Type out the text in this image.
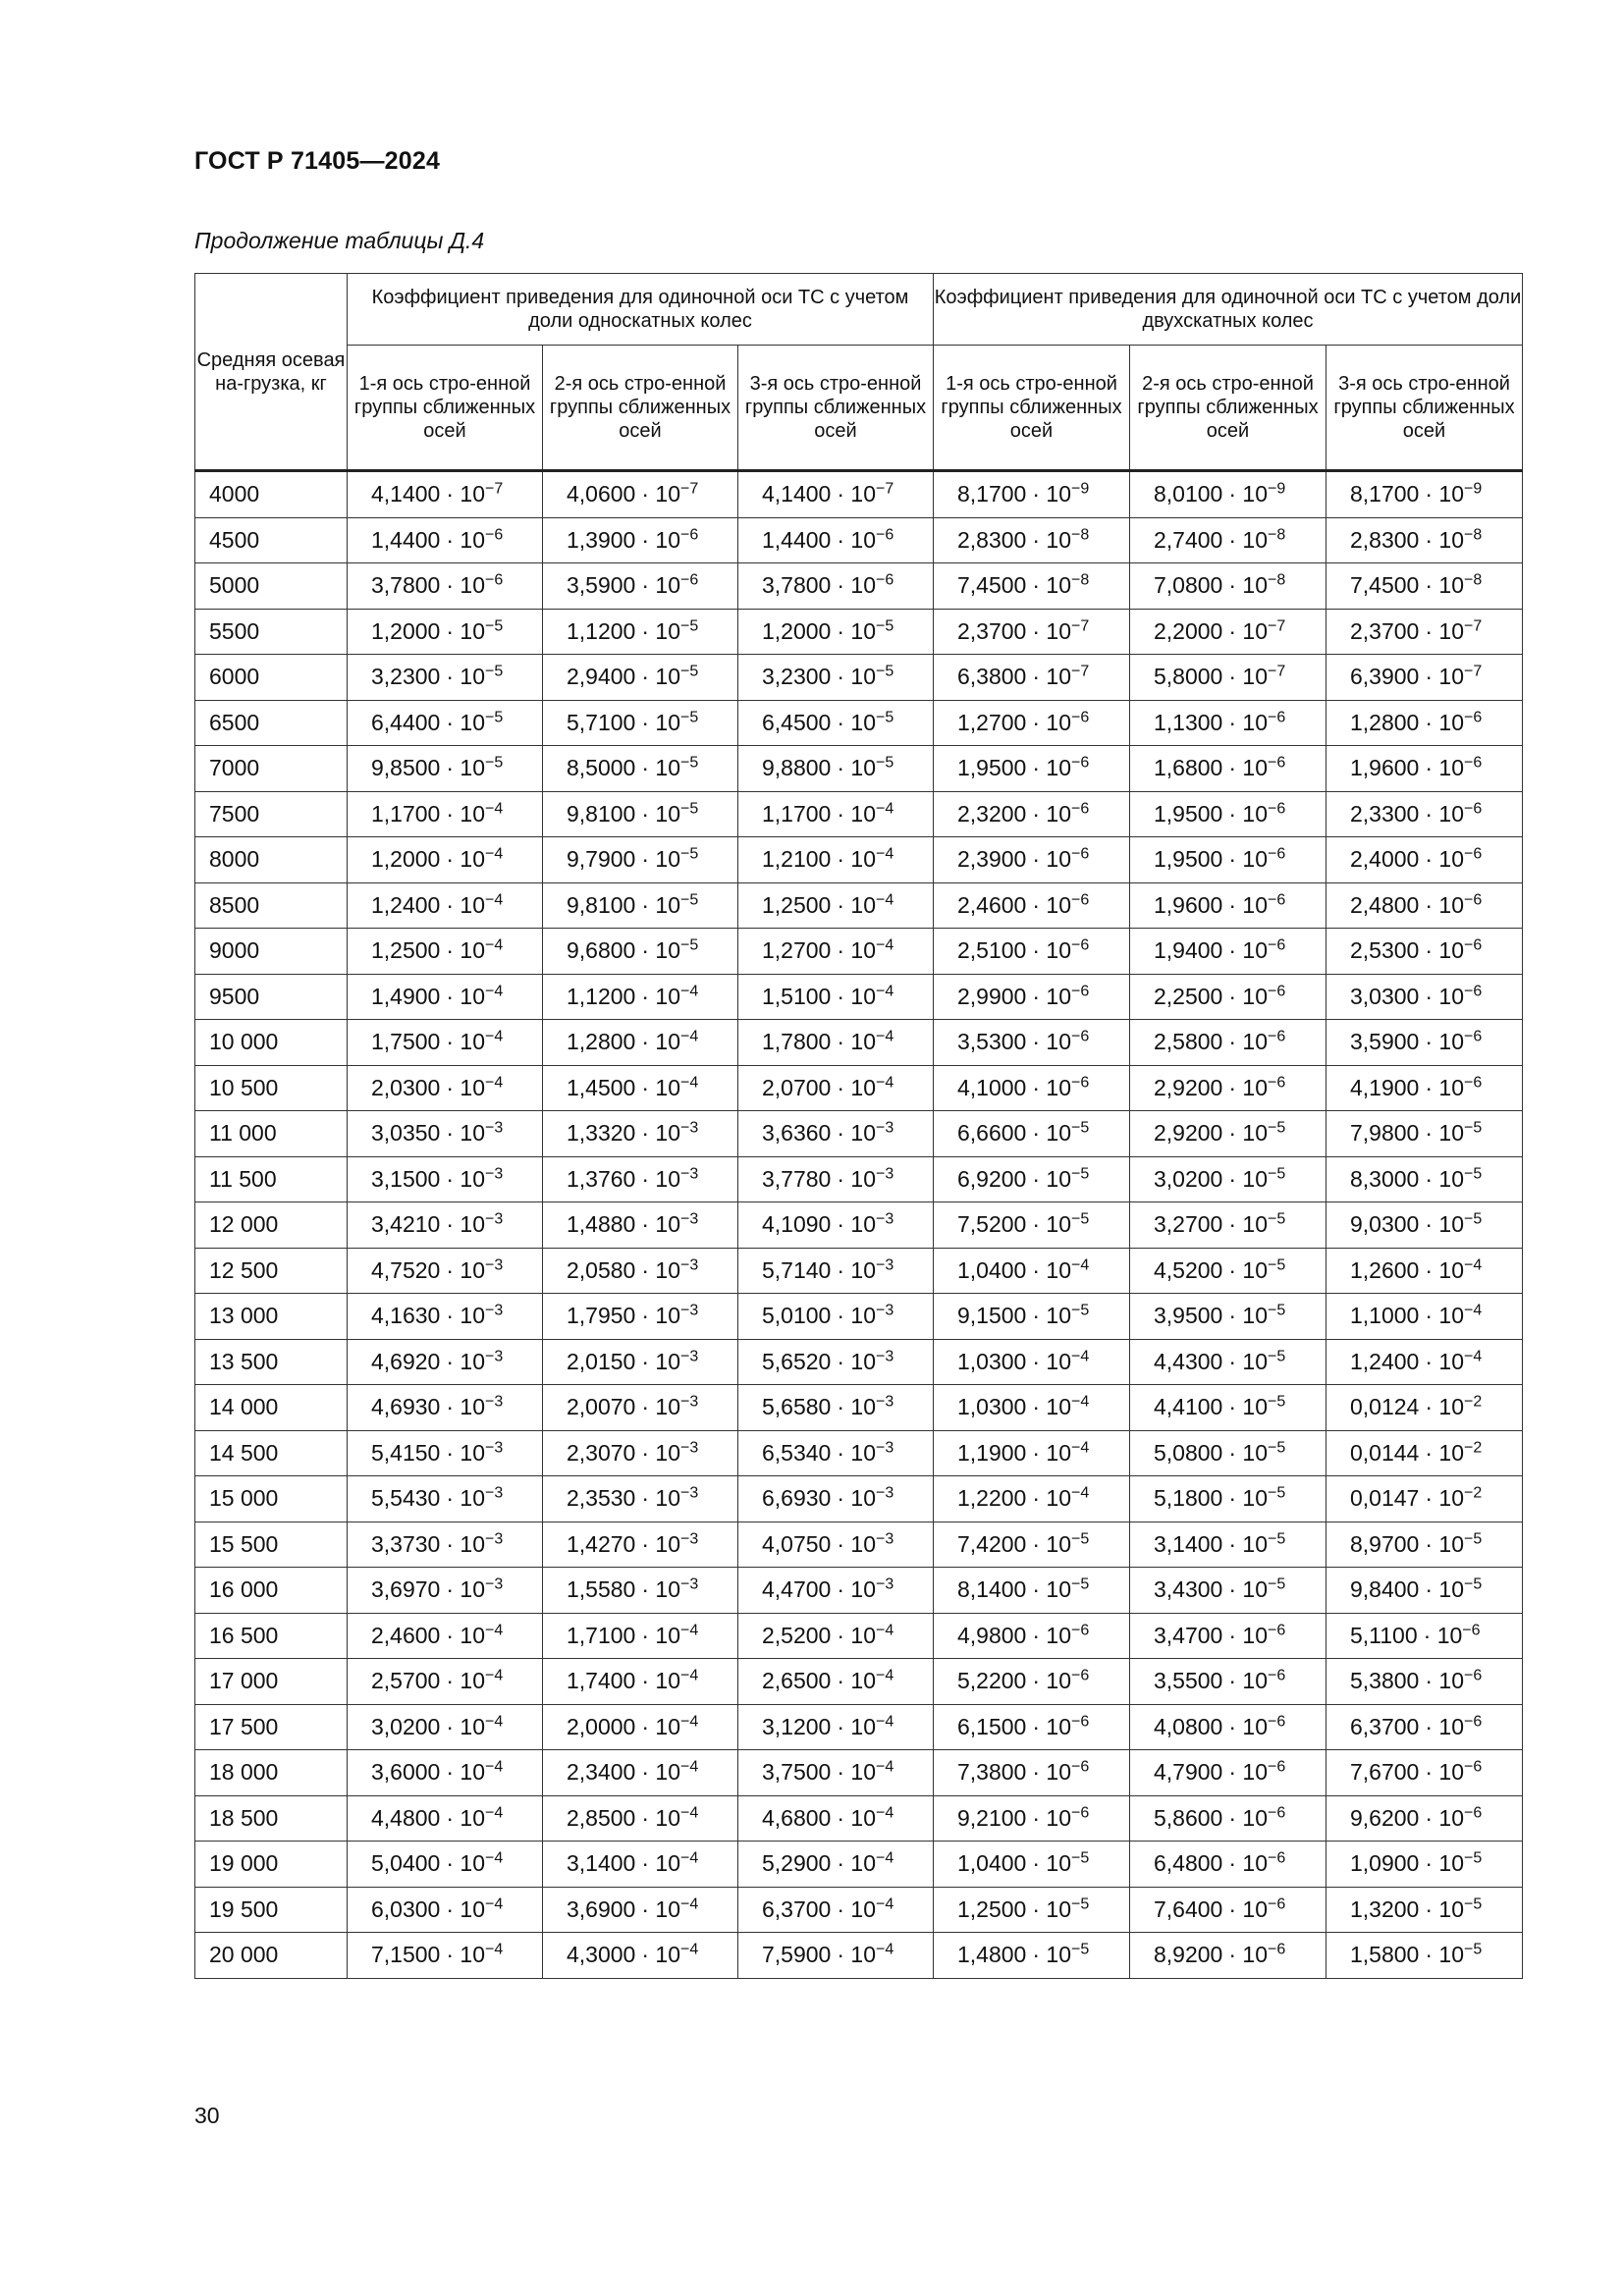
ГОСТ Р 71405—2024
Продолжение таблицы Д.4
Средняя осевая на-грузка, кг	Коэффициент приведения для одиночной оси ТС с учетом доли односкатных колес			Коэффициент приведения для одиночной оси ТС с учетом доли двухскатных колес		
	1-я ось стро-енной группы сближенных осей	2-я ось стро-енной группы сближенных осей	3-я ось стро-енной группы сближенных осей	1-я ось стро-енной группы сближенных осей	2-я ось стро-енной группы сближенных осей	3-я ось стро-енной группы сближенных осей
4000	$4,1400 \cdot 10^{-7}$	$4,0600 \cdot 10^{-7}$	$4,1400 \cdot 10^{-7}$	$8,1700 \cdot 10^{-9}$	$8,0100 \cdot 10^{-9}$	$8,1700 \cdot 10^{-9}$
4500	$1,4400 \cdot 10^{-6}$	$1,3900 \cdot 10^{-6}$	$1,4400 \cdot 10^{-6}$	$2,8300 \cdot 10^{-8}$	$2,7400 \cdot 10^{-8}$	$2,8300 \cdot 10^{-8}$
5000	$3,7800 \cdot 10^{-6}$	$3,5900 \cdot 10^{-6}$	$3,7800 \cdot 10^{-6}$	$7,4500 \cdot 10^{-8}$	$7,0800 \cdot 10^{-8}$	$7,4500 \cdot 10^{-8}$
5500	$1,2000 \cdot 10^{-5}$	$1,1200 \cdot 10^{-5}$	$1,2000 \cdot 10^{-5}$	$2,3700 \cdot 10^{-7}$	$2,2000 \cdot 10^{-7}$	$2,3700 \cdot 10^{-7}$
6000	$3,2300 \cdot 10^{-5}$	$2,9400 \cdot 10^{-5}$	$3,2300 \cdot 10^{-5}$	$6,3800 \cdot 10^{-7}$	$5,8000 \cdot 10^{-7}$	$6,3900 \cdot 10^{-7}$
6500	$6,4400 \cdot 10^{-5}$	$5,7100 \cdot 10^{-5}$	$6,4500 \cdot 10^{-5}$	$1,2700 \cdot 10^{-6}$	$1,1300 \cdot 10^{-6}$	$1,2800 \cdot 10^{-6}$
7000	$9,8500 \cdot 10^{-5}$	$8,5000 \cdot 10^{-5}$	$9,8800 \cdot 10^{-5}$	$1,9500 \cdot 10^{-6}$	$1,6800 \cdot 10^{-6}$	$1,9600 \cdot 10^{-6}$
7500	$1,1700 \cdot 10^{-4}$	$9,8100 \cdot 10^{-5}$	$1,1700 \cdot 10^{-4}$	$2,3200 \cdot 10^{-6}$	$1,9500 \cdot 10^{-6}$	$2,3300 \cdot 10^{-6}$
8000	$1,2000 \cdot 10^{-4}$	$9,7900 \cdot 10^{-5}$	$1,2100 \cdot 10^{-4}$	$2,3900 \cdot 10^{-6}$	$1,9500 \cdot 10^{-6}$	$2,4000 \cdot 10^{-6}$
8500	$1,2400 \cdot 10^{-4}$	$9,8100 \cdot 10^{-5}$	$1,2500 \cdot 10^{-4}$	$2,4600 \cdot 10^{-6}$	$1,9600 \cdot 10^{-6}$	$2,4800 \cdot 10^{-6}$
9000	$1,2500 \cdot 10^{-4}$	$9,6800 \cdot 10^{-5}$	$1,2700 \cdot 10^{-4}$	$2,5100 \cdot 10^{-6}$	$1,9400 \cdot 10^{-6}$	$2,5300 \cdot 10^{-6}$
9500	$1,4900 \cdot 10^{-4}$	$1,1200 \cdot 10^{-4}$	$1,5100 \cdot 10^{-4}$	$2,9900 \cdot 10^{-6}$	$2,2500 \cdot 10^{-6}$	$3,0300 \cdot 10^{-6}$
10 000	$1,7500 \cdot 10^{-4}$	$1,2800 \cdot 10^{-4}$	$1,7800 \cdot 10^{-4}$	$3,5300 \cdot 10^{-6}$	$2,5800 \cdot 10^{-6}$	$3,5900 \cdot 10^{-6}$
10 500	$2,0300 \cdot 10^{-4}$	$1,4500 \cdot 10^{-4}$	$2,0700 \cdot 10^{-4}$	$4,1000 \cdot 10^{-6}$	$2,9200 \cdot 10^{-6}$	$4,1900 \cdot 10^{-6}$
11 000	$3,0350 \cdot 10^{-3}$	$1,3320 \cdot 10^{-3}$	$3,6360 \cdot 10^{-3}$	$6,6600 \cdot 10^{-5}$	$2,9200 \cdot 10^{-5}$	$7,9800 \cdot 10^{-5}$
11 500	$3,1500 \cdot 10^{-3}$	$1,3760 \cdot 10^{-3}$	$3,7780 \cdot 10^{-3}$	$6,9200 \cdot 10^{-5}$	$3,0200 \cdot 10^{-5}$	$8,3000 \cdot 10^{-5}$
12 000	$3,4210 \cdot 10^{-3}$	$1,4880 \cdot 10^{-3}$	$4,1090 \cdot 10^{-3}$	$7,5200 \cdot 10^{-5}$	$3,2700 \cdot 10^{-5}$	$9,0300 \cdot 10^{-5}$
12 500	$4,7520 \cdot 10^{-3}$	$2,0580 \cdot 10^{-3}$	$5,7140 \cdot 10^{-3}$	$1,0400 \cdot 10^{-4}$	$4,5200 \cdot 10^{-5}$	$1,2600 \cdot 10^{-4}$
13 000	$4,1630 \cdot 10^{-3}$	$1,7950 \cdot 10^{-3}$	$5,0100 \cdot 10^{-3}$	$9,1500 \cdot 10^{-5}$	$3,9500 \cdot 10^{-5}$	$1,1000 \cdot 10^{-4}$
13 500	$4,6920 \cdot 10^{-3}$	$2,0150 \cdot 10^{-3}$	$5,6520 \cdot 10^{-3}$	$1,0300 \cdot 10^{-4}$	$4,4300 \cdot 10^{-5}$	$1,2400 \cdot 10^{-4}$
14 000	$4,6930 \cdot 10^{-3}$	$2,0070 \cdot 10^{-3}$	$5,6580 \cdot 10^{-3}$	$1,0300 \cdot 10^{-4}$	$4,4100 \cdot 10^{-5}$	$0,0124 \cdot 10^{-2}$
14 500	$5,4150 \cdot 10^{-3}$	$2,3070 \cdot 10^{-3}$	$6,5340 \cdot 10^{-3}$	$1,1900 \cdot 10^{-4}$	$5,0800 \cdot 10^{-5}$	$0,0144 \cdot 10^{-2}$
15 000	$5,5430 \cdot 10^{-3}$	$2,3530 \cdot 10^{-3}$	$6,6930 \cdot 10^{-3}$	$1,2200 \cdot 10^{-4}$	$5,1800 \cdot 10^{-5}$	$0,0147 \cdot 10^{-2}$
15 500	$3,3730 \cdot 10^{-3}$	$1,4270 \cdot 10^{-3}$	$4,0750 \cdot 10^{-3}$	$7,4200 \cdot 10^{-5}$	$3,1400 \cdot 10^{-5}$	$8,9700 \cdot 10^{-5}$
16 000	$3,6970 \cdot 10^{-3}$	$1,5580 \cdot 10^{-3}$	$4,4700 \cdot 10^{-3}$	$8,1400 \cdot 10^{-5}$	$3,4300 \cdot 10^{-5}$	$9,8400 \cdot 10^{-5}$
16 500	$2,4600 \cdot 10^{-4}$	$1,7100 \cdot 10^{-4}$	$2,5200 \cdot 10^{-4}$	$4,9800 \cdot 10^{-6}$	$3,4700 \cdot 10^{-6}$	$5,1100 \cdot 10^{-6}$
17 000	$2,5700 \cdot 10^{-4}$	$1,7400 \cdot 10^{-4}$	$2,6500 \cdot 10^{-4}$	$5,2200 \cdot 10^{-6}$	$3,5500 \cdot 10^{-6}$	$5,3800 \cdot 10^{-6}$
17 500	$3,0200 \cdot 10^{-4}$	$2,0000 \cdot 10^{-4}$	$3,1200 \cdot 10^{-4}$	$6,1500 \cdot 10^{-6}$	$4,0800 \cdot 10^{-6}$	$6,3700 \cdot 10^{-6}$
18 000	$3,6000 \cdot 10^{-4}$	$2,3400 \cdot 10^{-4}$	$3,7500 \cdot 10^{-4}$	$7,3800 \cdot 10^{-6}$	$4,7900 \cdot 10^{-6}$	$7,6700 \cdot 10^{-6}$
18 500	$4,4800 \cdot 10^{-4}$	$2,8500 \cdot 10^{-4}$	$4,6800 \cdot 10^{-4}$	$9,2100 \cdot 10^{-6}$	$5,8600 \cdot 10^{-6}$	$9,6200 \cdot 10^{-6}$
19 000	$5,0400 \cdot 10^{-4}$	$3,1400 \cdot 10^{-4}$	$5,2900 \cdot 10^{-4}$	$1,0400 \cdot 10^{-5}$	$6,4800 \cdot 10^{-6}$	$1,0900 \cdot 10^{-5}$
19 500	$6,0300 \cdot 10^{-4}$	$3,6900 \cdot 10^{-4}$	$6,3700 \cdot 10^{-4}$	$1,2500 \cdot 10^{-5}$	$7,6400 \cdot 10^{-6}$	$1,3200 \cdot 10^{-5}$
20 000	$7,1500 \cdot 10^{-4}$	$4,3000 \cdot 10^{-4}$	$7,5900 \cdot 10^{-4}$	$1,4800 \cdot 10^{-5}$	$8,9200 \cdot 10^{-6}$	$1,5800 \cdot 10^{-5}$
30
